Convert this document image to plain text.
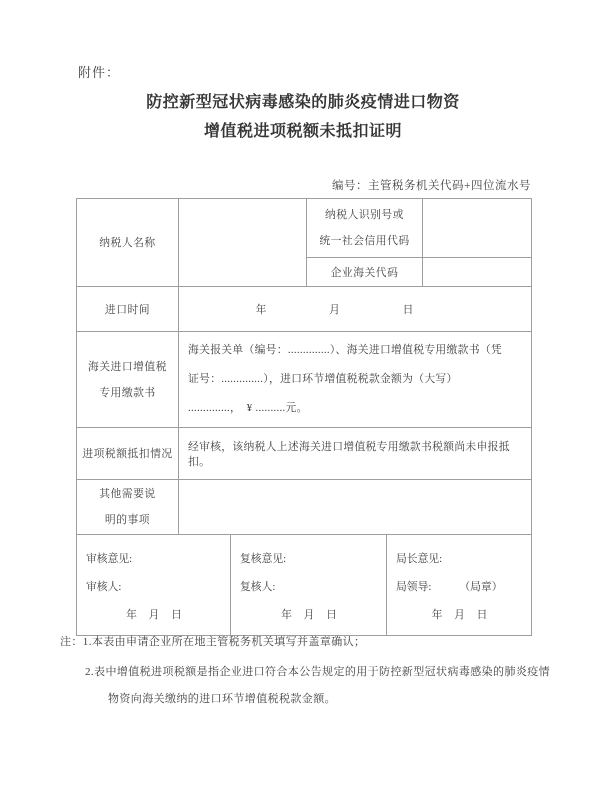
附件：
防控新型冠状病毒感染的肺炎疫情进口物资
增值税进项税额未抵扣证明
编号：主管税务机关代码+四位流水号
纳税人名称		纳税人识别号或
统一社会信用代码	

		企业海关代码	
进口时间	年 月 日		

海关进口增值税
专用缴款书

海关报关单（编号：..............）、海关进口增值税专用缴款书（凭
证号：..............），进口环节增值税税款金额为（大写）
..............，　¥ ..........元。

进项税额抵扣情况	经审核，该纳税人上述海关进口增值税专用缴款书税额尚未申报抵扣。		

其他需要说
明的事项			

审核意见:
审核人:
年 月 日

复核意见:
复核人:
年 月 日

局长意见:
局领导:	（局章）
年 月 日
注：1.本表由申请企业所在地主管税务机关填写并盖章确认；
2.表中增值税进项税额是指企业进口符合本公告规定的用于防控新型冠状病毒感染的肺炎疫情
物资向海关缴纳的进口环节增值税税款金额。
